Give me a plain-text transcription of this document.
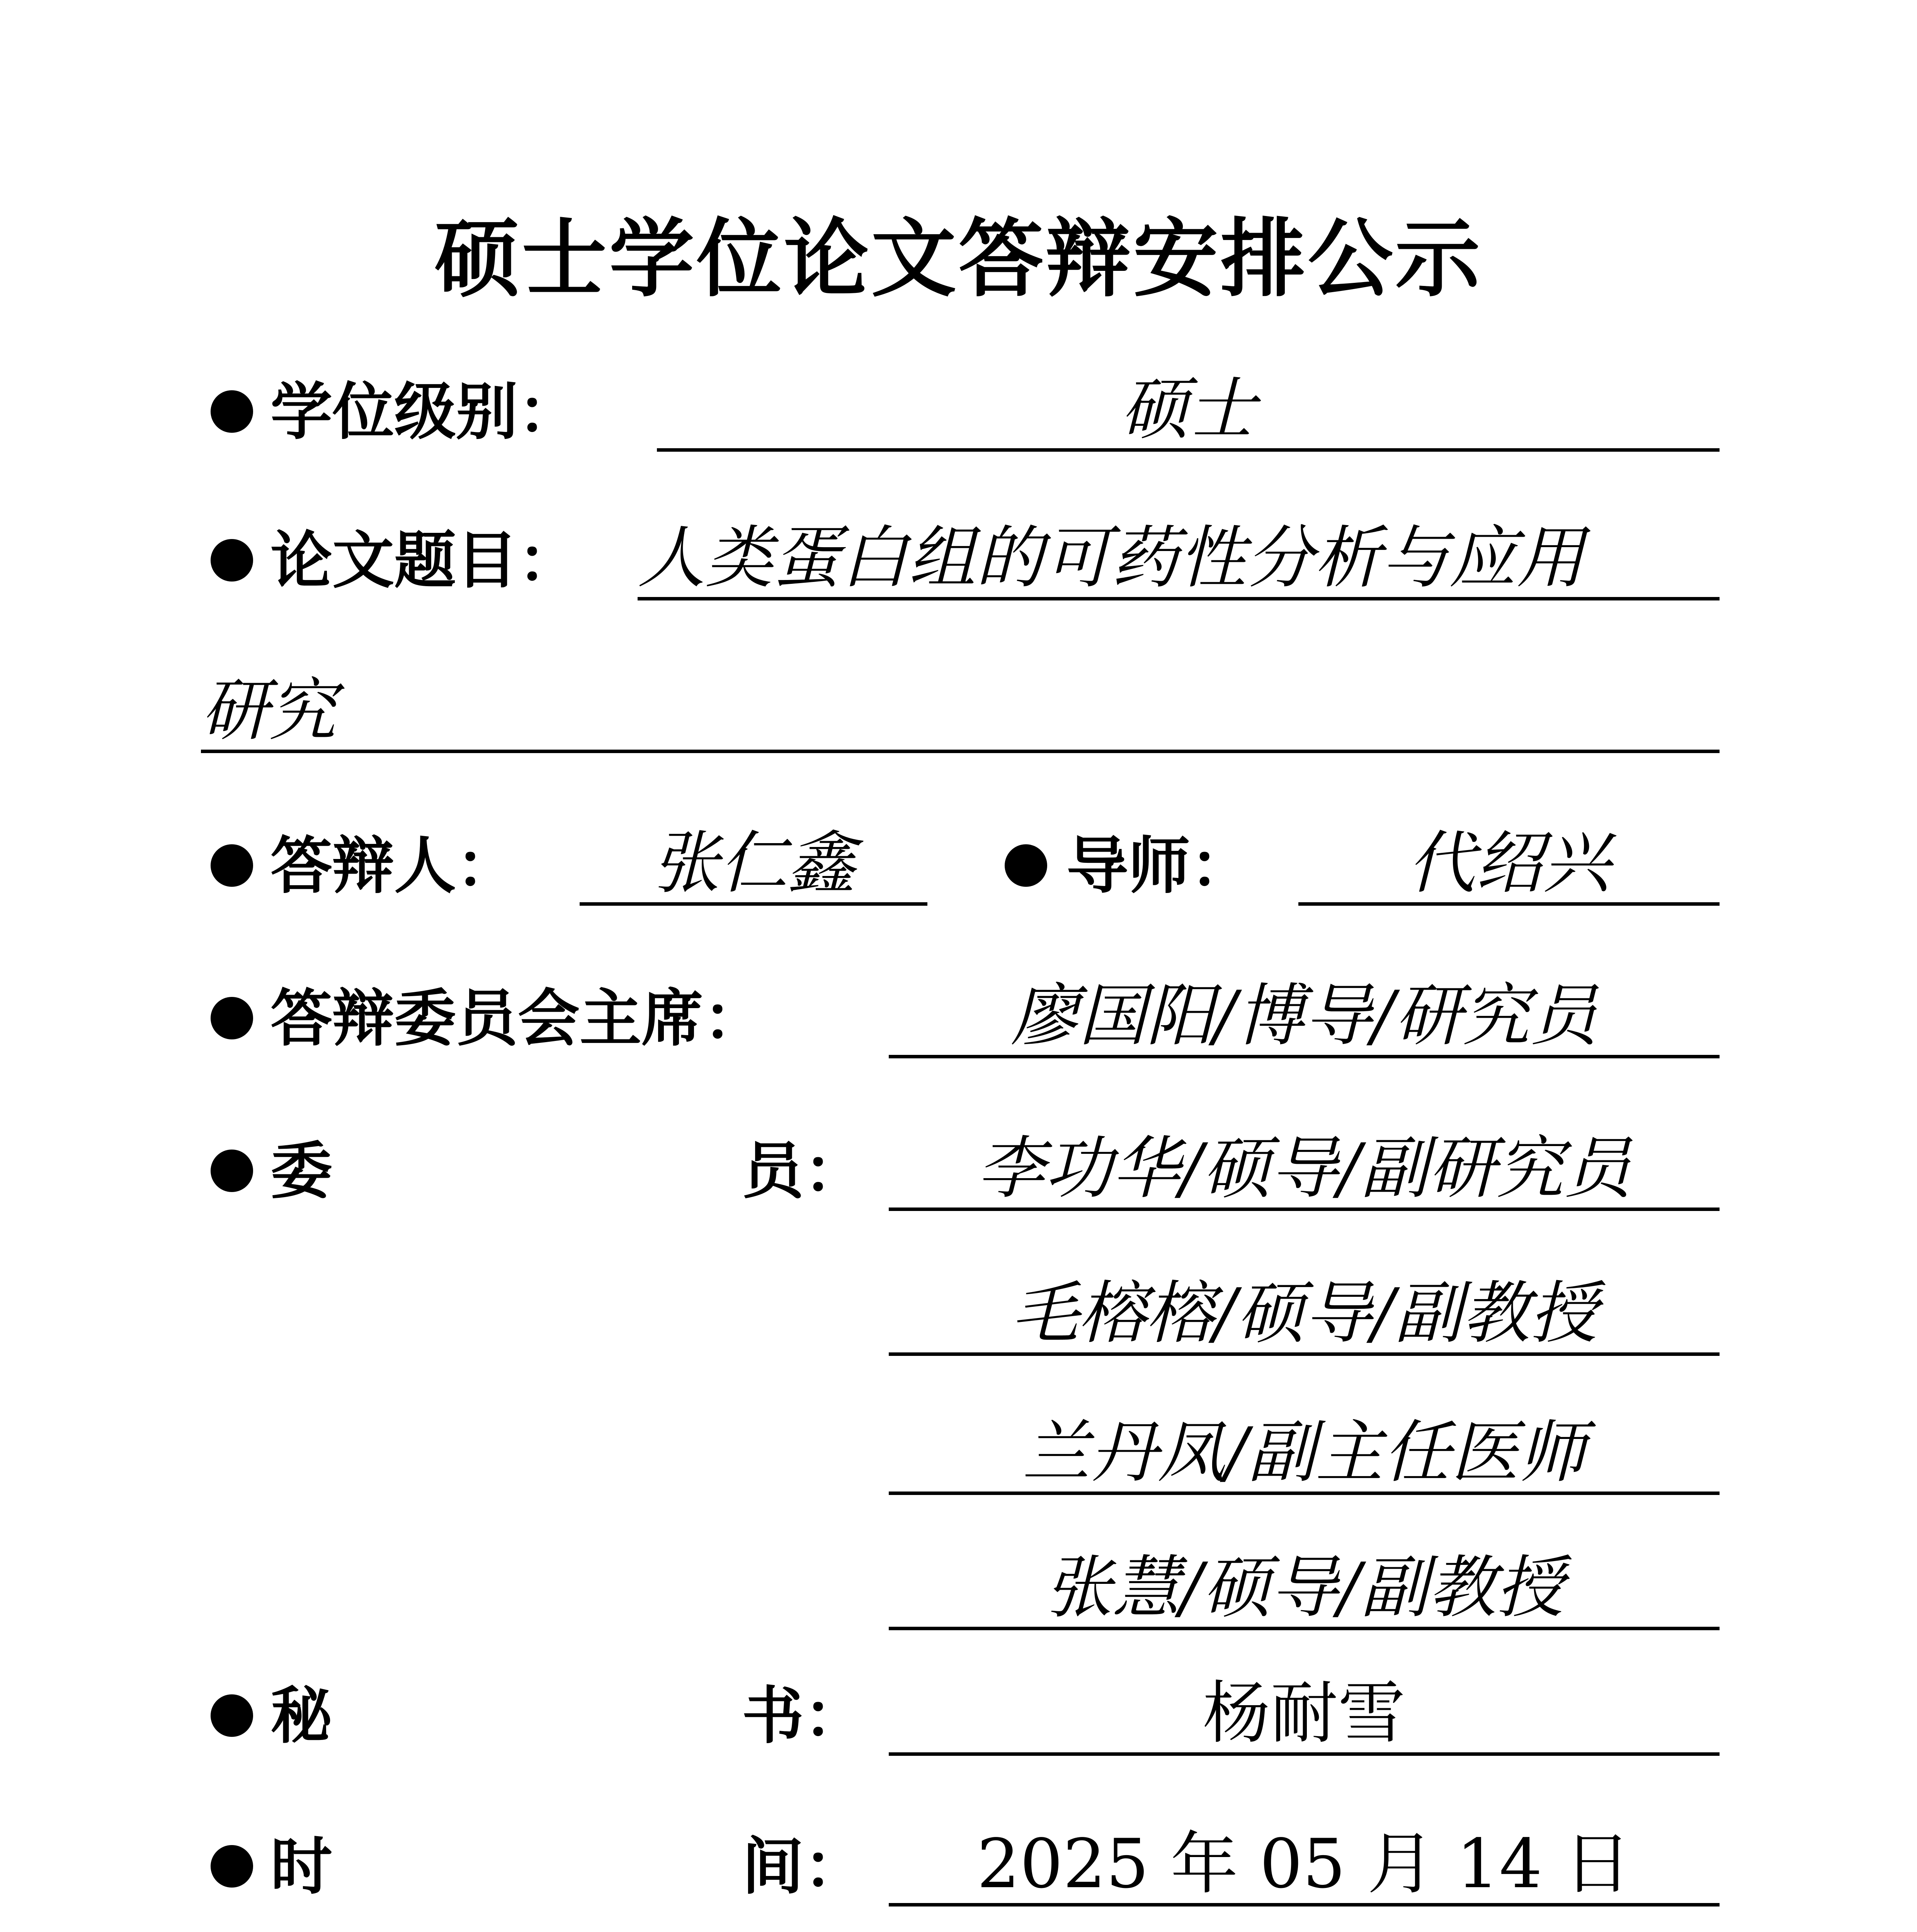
硕士学位论文答辩安排公示
学位级别：	硕士
论文题目： 人类蛋白组的可药性分析与应用
研究
答辩人：	张仁鑫	导师：	代绍兴
答辩委员会主席：	廖国阳/博导/研究员
委	员：	李功华/硕导/副研究员
毛榕榕/硕导/副教授
兰丹凤/副主任医师
张慧/硕导/副教授
秘	书：	杨耐雪
时	间：	2025 年 05 月 14 日
